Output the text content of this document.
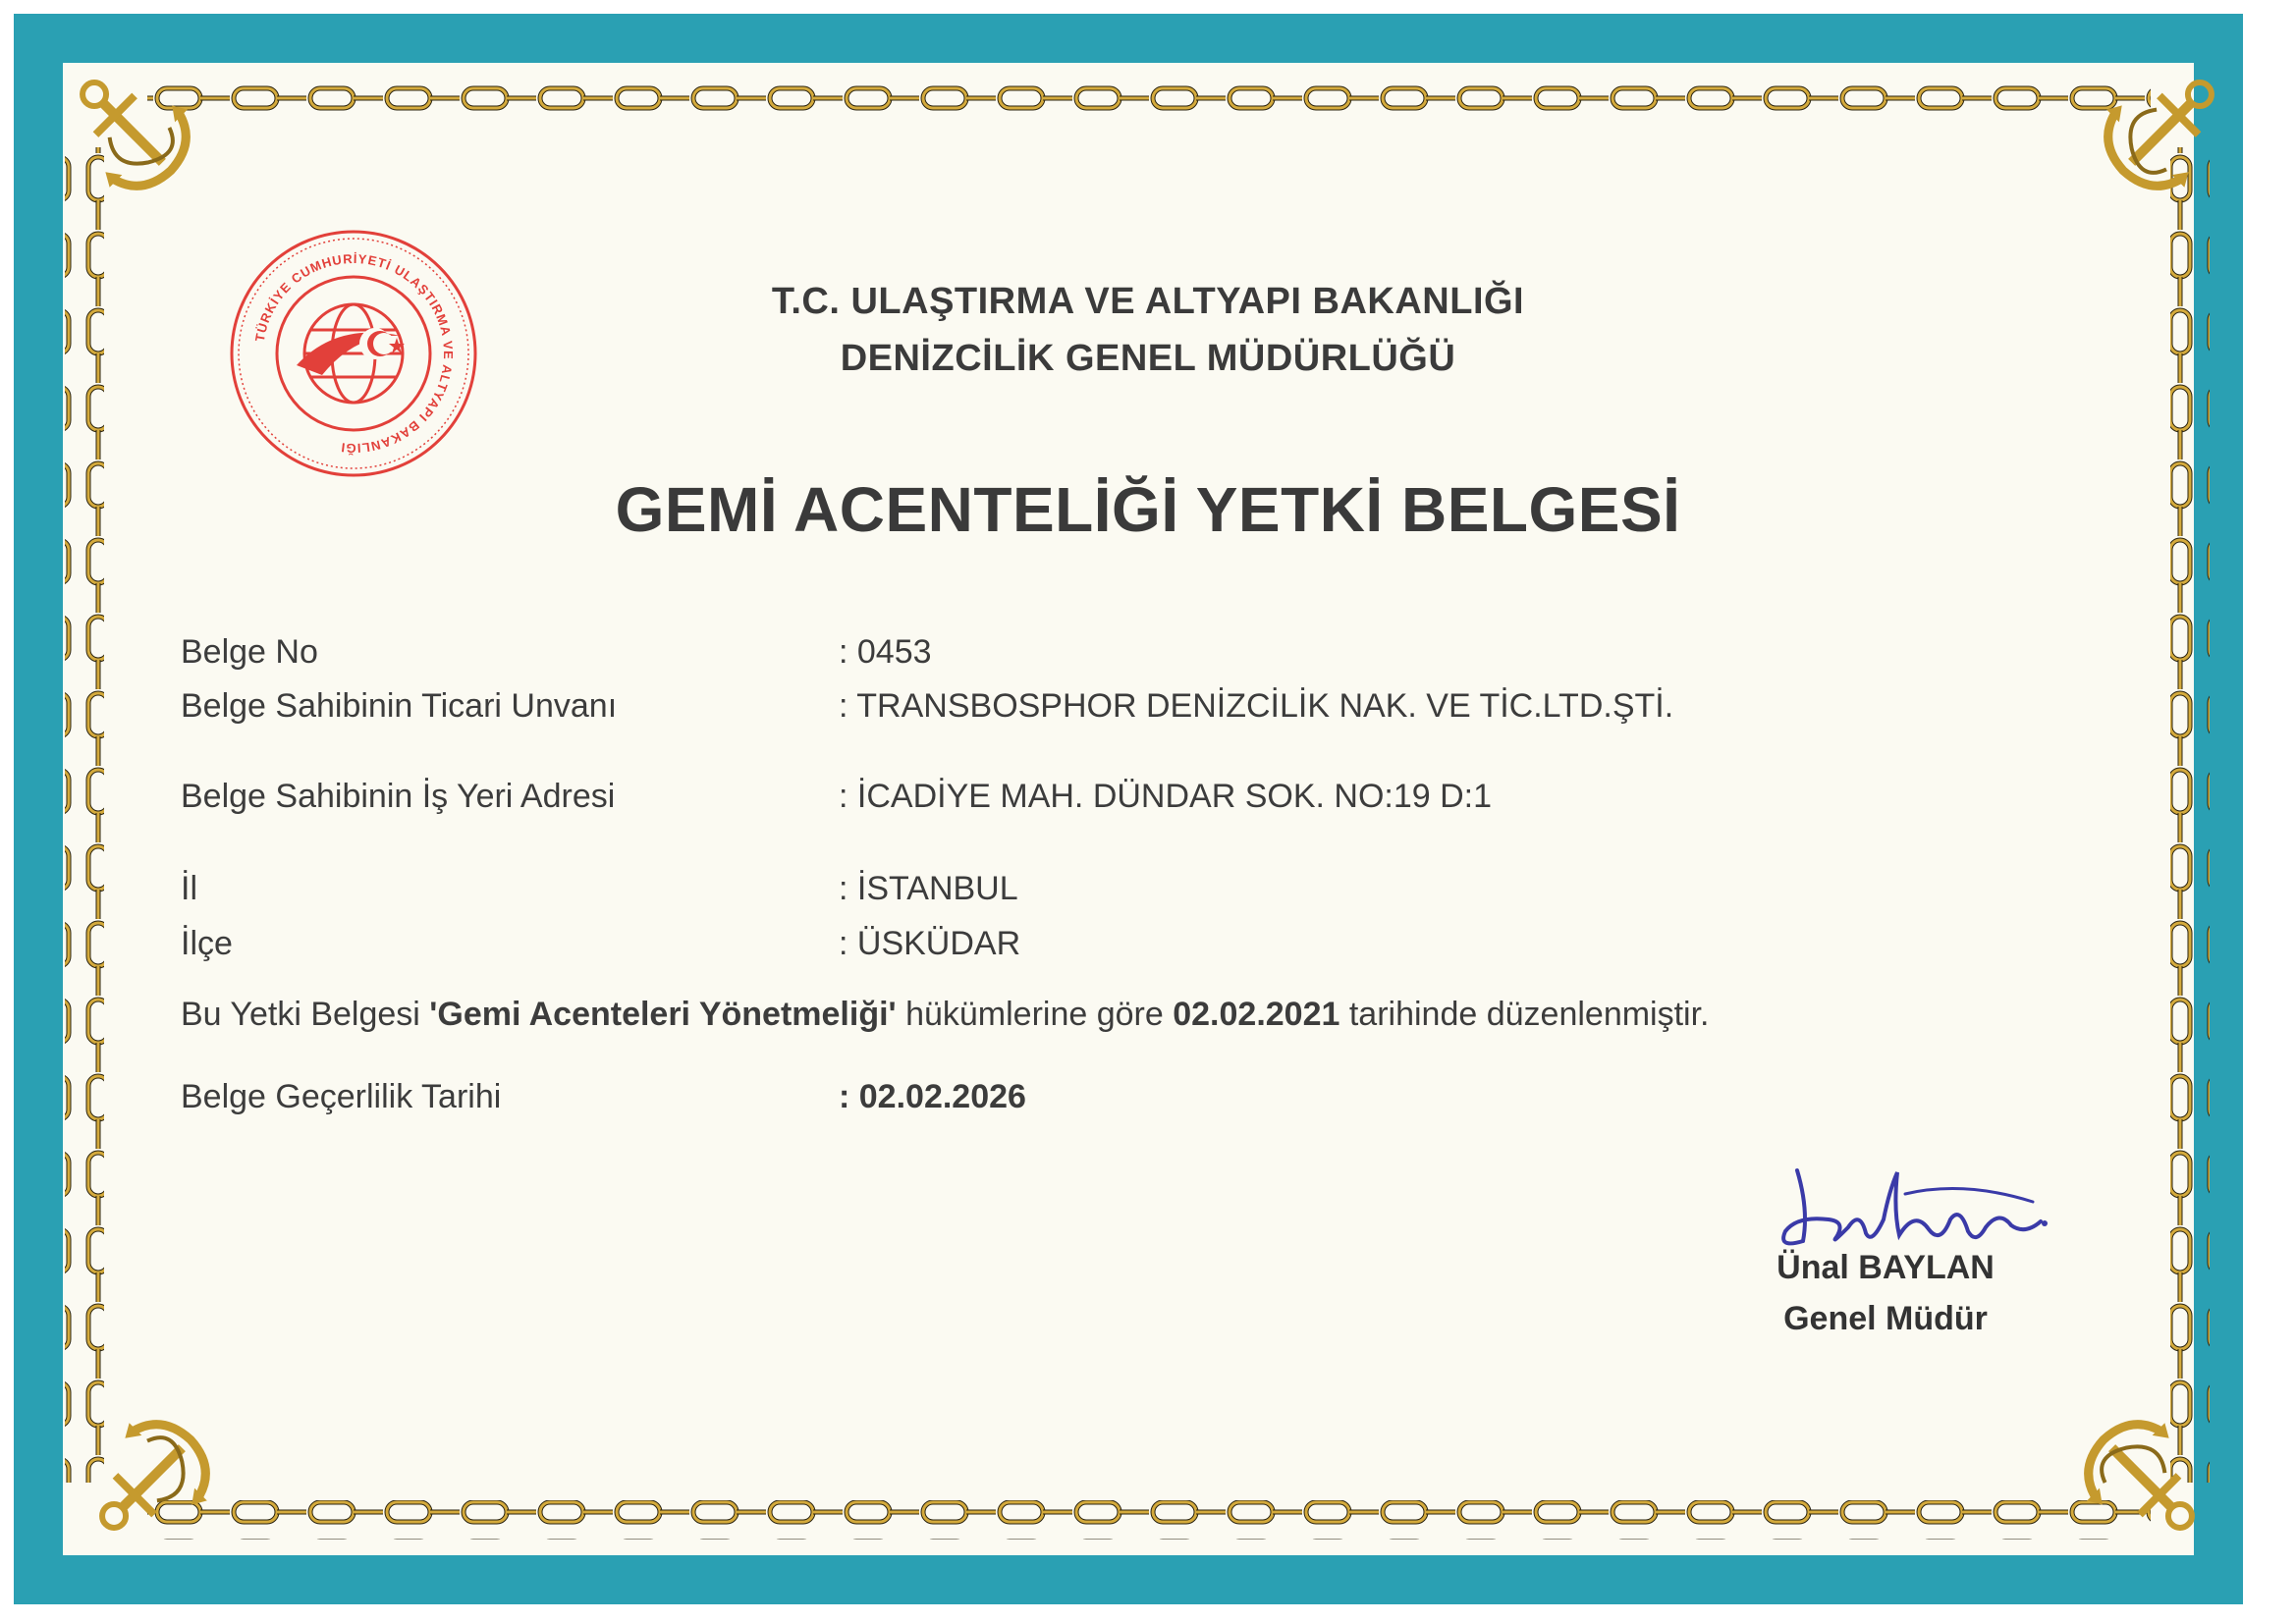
TÜRKİYE CUMHURİYETİ ULAŞTIRMA VE ALTYAPI BAKANLIĞI
T.C. ULAŞTIRMA VE ALTYAPI BAKANLIĞI
DENİZCİLİK GENEL MÜDÜRLÜĞÜ
GEMİ ACENTELİĞİ YETKİ BELGESİ
Belge No	: 0453
Belge Sahibinin Ticari Unvanı	: TRANSBOSPHOR DENİZCİLİK NAK. VE TİC.LTD.ŞTİ.
Belge Sahibinin İş Yeri Adresi	: İCADİYE MAH. DÜNDAR SOK. NO:19 D:1
İl	: İSTANBUL
İlçe	: ÜSKÜDAR
Bu Yetki Belgesi 'Gemi Acenteleri Yönetmeliği' hükümlerine göre 02.02.2021 tarihinde düzenlenmiştir.
Belge Geçerlilik Tarihi	: 02.02.2026
Ünal BAYLAN
Genel Müdür
